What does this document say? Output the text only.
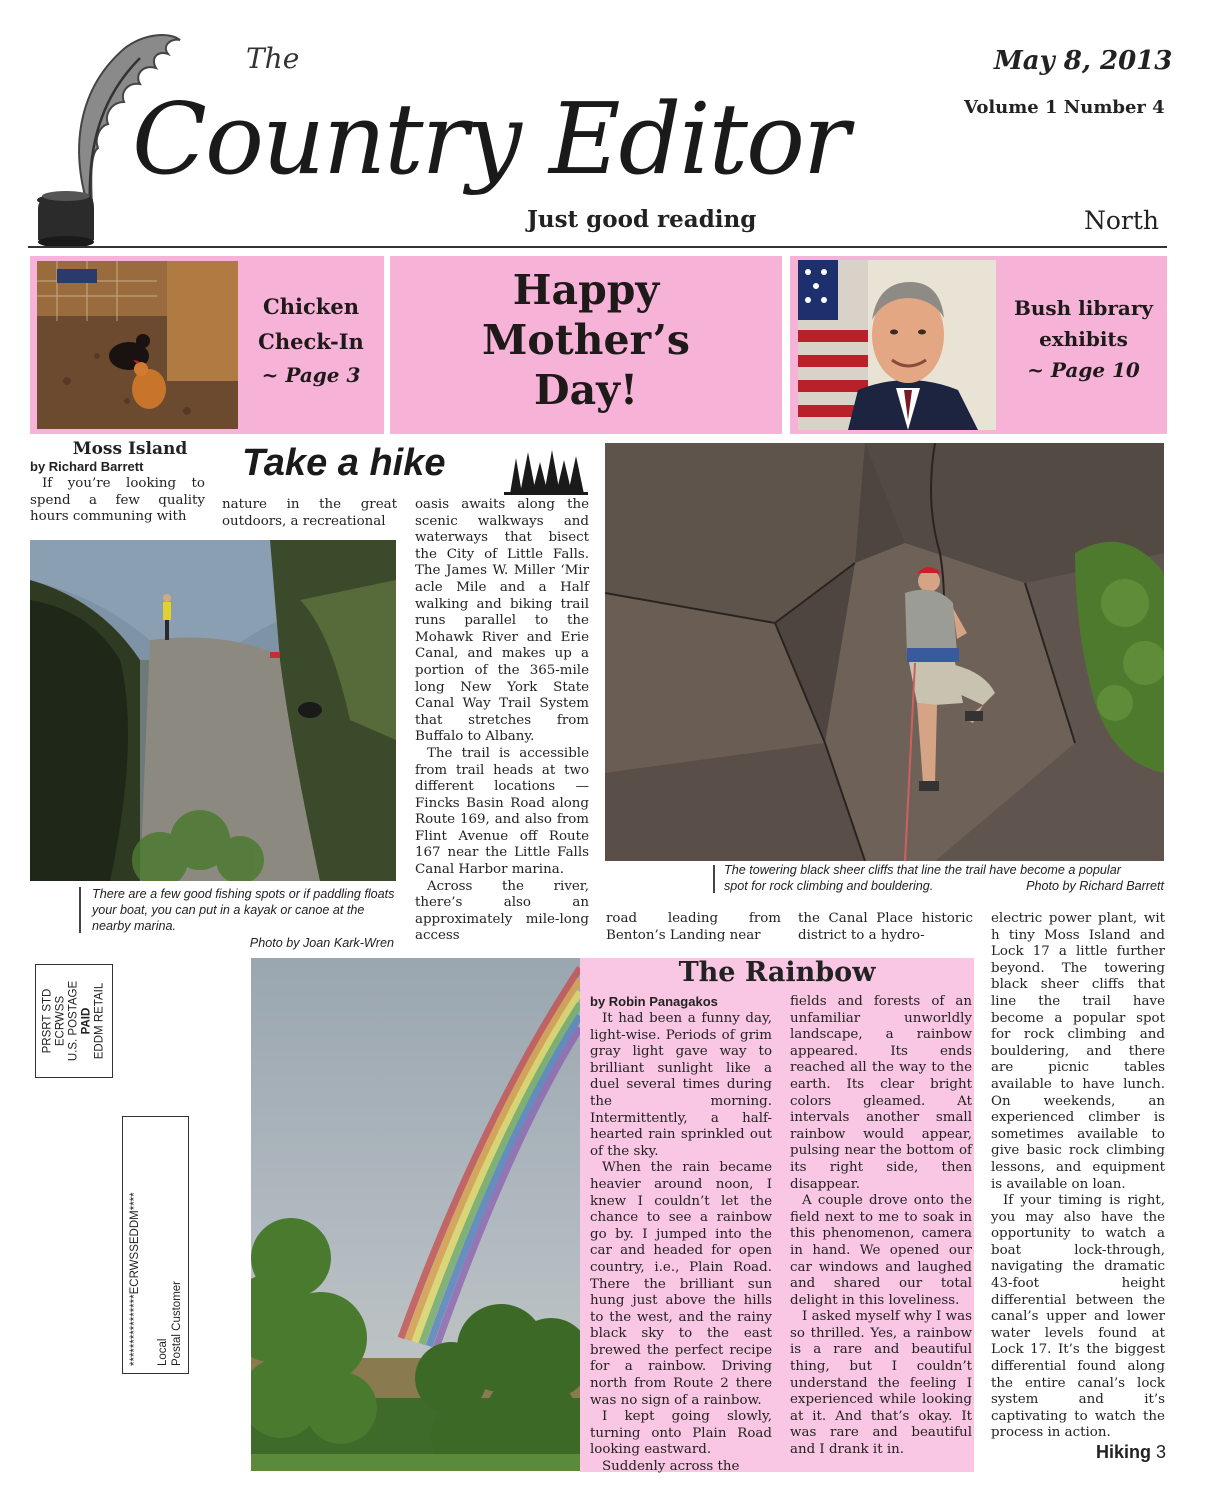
The
Country Editor
Just good reading
May 8, 2013
Volume 1 Number 4
North
Chicken
Check-In
~ Page 3
Happy
Mother’s
Day!
Bush library
exhibits
~ Page 10
Moss Island
by Richard Barrett	Take a hike

If you’re looking to spend a few quality hours communing with

nature in the great outdoors, a recreational

There are a few good fishing spots or if paddling floats your boat, you can put in a kayak or canoe at the nearby marina.
Photo by Joan Kark-Wren

oasis awaits along the scenic walkways and waterways that bisect the City of Little Falls. The James W. Miller ‘Mir acle Mile and a Half walking and biking trail runs parallel to the Mohawk River and Erie Canal, and makes up a portion of the 365-mile long New York State Canal Way Trail System that stretches from Buffalo to Albany.

The trail is accessible from trail heads at two different locations — Fincks Basin Road along Route 169, and also from Flint Avenue off Route 167 near the Little Falls Canal Harbor marina.

Across the river, there’s also an approximately mile-long access

The towering black sheer cliffs that line the trail have become a popular spot for rock climbing and bouldering.	Photo by Richard Barrett

road leading from Benton’s Landing near

the Canal Place historic district to a hydro-

electric power plant, wit h tiny Moss Island and Lock 17 a little further beyond. The towering black sheer cliffs that line the trail have become a popular spot for rock climbing and bouldering, and there are picnic tables available to have lunch. On weekends, an experienced climber is sometimes available to give basic rock climbing lessons, and equipment is available on loan.

If your timing is right, you may also have the opportunity to watch a boat lock-through, navigating the dramatic 43-foot height differential between the canal’s upper and lower water levels found at Lock 17. It’s the biggest differential found along the entire canal’s lock system and it’s captivating to watch the process in action.

PRSRT STD ECRWSS U.S. POSTAGE PAID EDDM RETAIL
****************ECRWSSEDDM**** Local Postal Customer
The Rainbow
by Robin Panagakos

It had been a funny day, light-wise. Periods of grim gray light gave way to brilliant sunlight like a duel several times during the morning. Intermittently, a half-hearted rain sprinkled out of the sky.

When the rain became heavier around noon, I knew I couldn’t let the chance to see a rainbow go by. I jumped into the car and headed for open country, i.e., Plain Road. There the brilliant sun hung just above the hills to the west, and the rainy black sky to the east brewed the perfect recipe for a rainbow. Driving north from Route 2 there was no sign of a rainbow.

I kept going slowly, turning onto Plain Road looking eastward.

Suddenly across the

fields and forests of an unfamiliar unworldly landscape, a rainbow appeared. Its ends reached all the way to the earth. Its clear bright colors gleamed. At intervals another small rainbow would appear, pulsing near the bottom of its right side, then disappear.

A couple drove onto the field next to me to soak in this phenomenon, camera in hand. We opened our car windows and laughed and shared our total delight in this loveliness.

I asked myself why I was so thrilled. Yes, a rainbow is a rare and beautiful thing, but I couldn’t understand the feeling I experienced while looking at it. And that’s okay. It was rare and beautiful and I drank it in.	Hiking 3
